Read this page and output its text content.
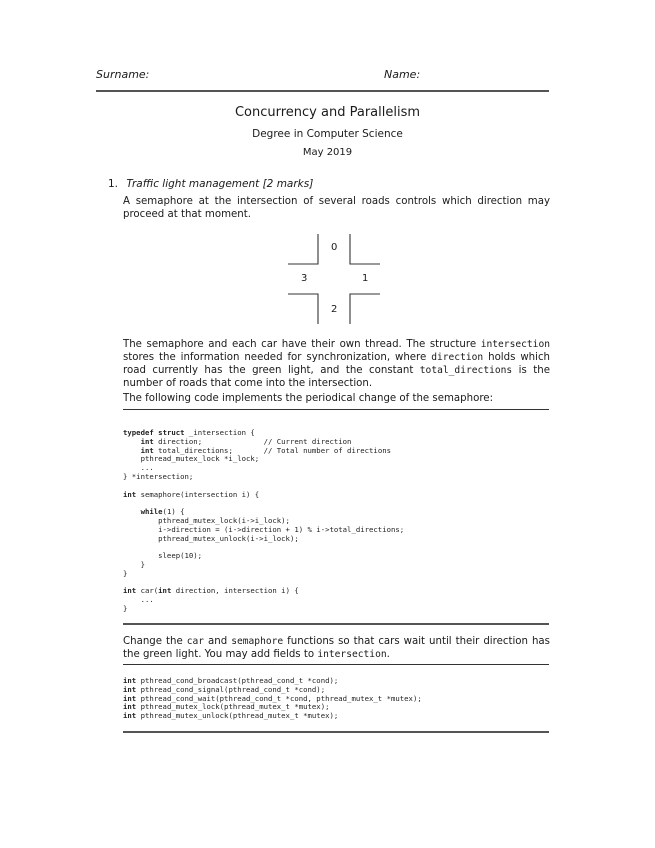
Surname:	Name:
Concurrency and Parallelism
Degree in Computer Science
May 2019
1. Traffic light management [2 marks]
A semaphore at the intersection of several roads controls which direction may proceed at that moment.
0
3	1
2
The semaphore and each car have their own thread. The structure intersection stores the information needed for synchronization, where direction holds which road currently has the green light, and the constant total_directions is the number of roads that come into the intersection.
The following code implements the periodical change of the semaphore:
typedef struct _intersection {
int direction;              // Current direction
int total_directions;       // Total number of directions
pthread_mutex_lock *i_lock;
...
} *intersection;

int semaphore(intersection i) {

while(1) {
pthread_mutex_lock(i->i_lock);
i->direction = (i->direction + 1) % i->total_directions;
pthread_mutex_unlock(i->i_lock);

sleep(10);
}
}

int car(int direction, intersection i) {
...
}

Change the car and semaphore functions so that cars wait until their direction has the green light. You may add fields to intersection.
int pthread_cond_broadcast(pthread_cond_t *cond);
int pthread_cond_signal(pthread_cond_t *cond);
int pthread_cond_wait(pthread_cond_t *cond, pthread_mutex_t *mutex);
int pthread_mutex_lock(pthread_mutex_t *mutex);
int pthread_mutex_unlock(pthread_mutex_t *mutex);
